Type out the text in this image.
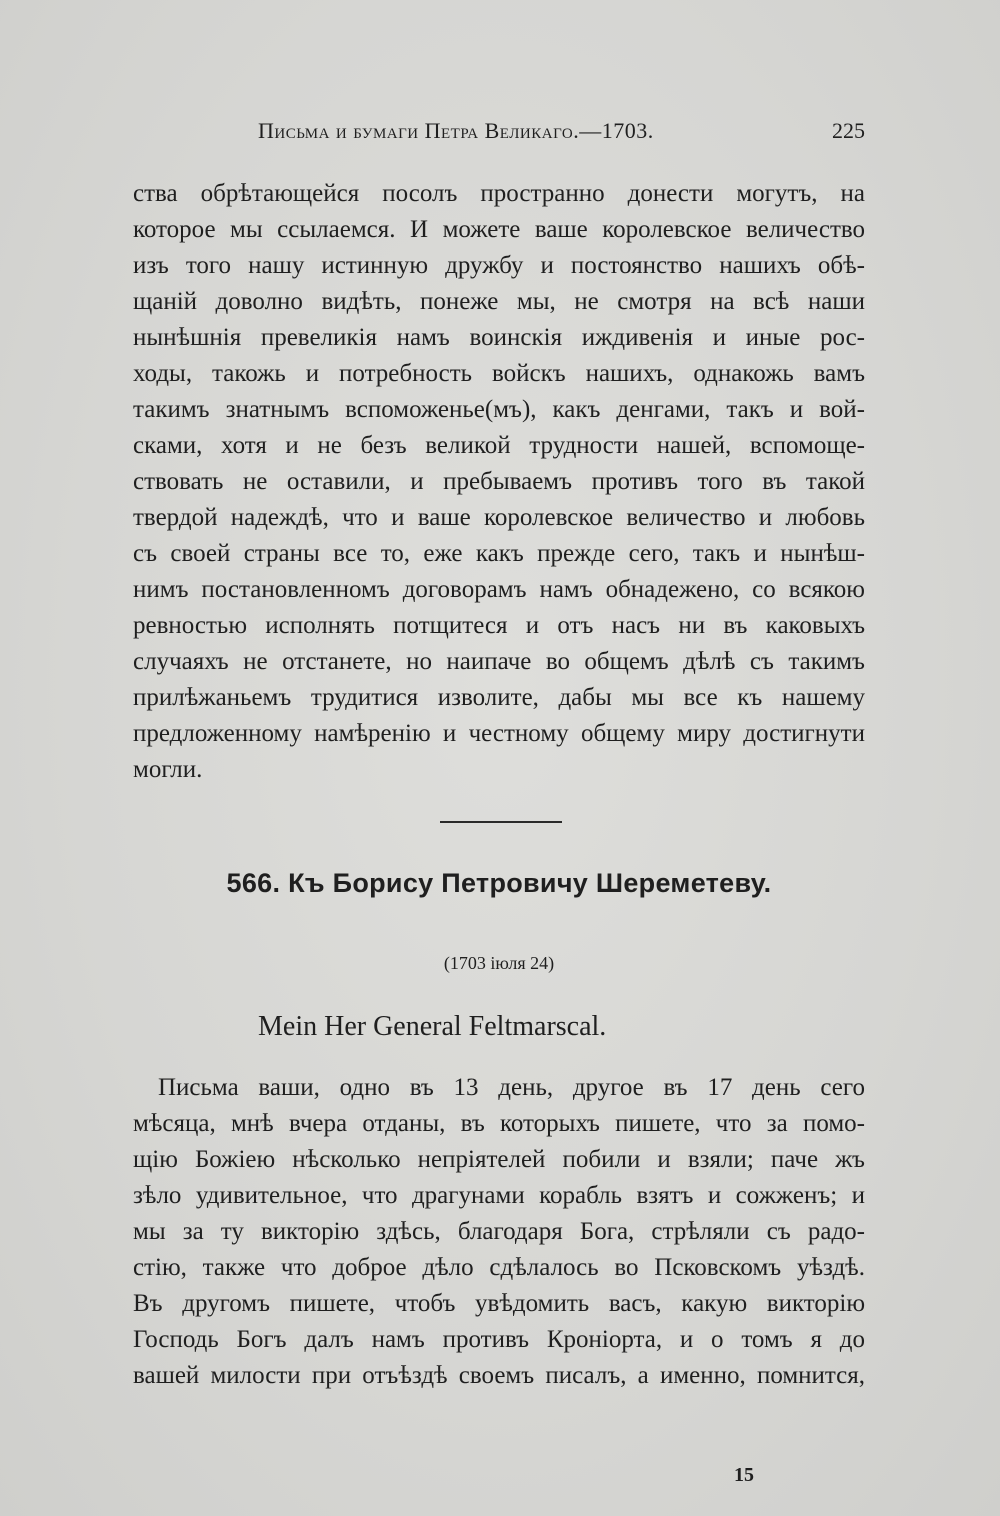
Письма и бумаги Петра Великаго.—1703.	225
ства обрѣтающейся посолъ пространно донести могутъ, на
которое мы ссылаемся. И можете ваше королевское величество
изъ того нашу истинную дружбу и постоянство нашихъ обѣ-
щаній доволно видѣть, понеже мы, не смотря на всѣ наши
нынѣшнія превеликія намъ воинскія иждивенія и иные рос-
ходы, такожь и потребность войскъ нашихъ, однакожь вамъ
такимъ знатнымъ вспоможенье(мъ), какъ денгами, такъ и вой-
сками, хотя и не безъ великой трудности нашей, вспомоще-
ствовать не оставили, и пребываемъ противъ того въ такой
твердой надеждѣ, что и ваше королевское величество и любовь
съ своей страны все то, еже какъ прежде сего, такъ и нынѣш-
нимъ постановленномъ договорамъ намъ обнадежено, со всякою
ревностью исполнять потщитеся и отъ насъ ни въ каковыхъ
случаяхъ не отстанете, но наипаче во общемъ дѣлѣ съ такимъ
прилѣжаньемъ трудитися изволите, дабы мы все къ нашему
предложенному намѣренію и честному общему миру достигнути
могли.
566. Къ Борису Петровичу Шереметеву.
(1703 іюля 24)
Mein Her General Feltmarscal.
Письма ваши, одно въ 13 день, другое въ 17 день сего
мѣсяца, мнѣ вчера отданы, въ которыхъ пишете, что за помо-
щію Божіею нѣсколько непріятелей побили и взяли; паче жъ
зѣло удивительное, что драгунами корабль взятъ и сожженъ; и
мы за ту викторію здѣсь, благодаря Бога, стрѣляли съ радо-
стію, также что доброе дѣло сдѣлалось во Псковскомъ уѣздѣ.
Въ другомъ пишете, чтобъ увѣдомить васъ, какую викторію
Господь Богъ далъ намъ противъ Кроніорта, и о томъ я до
вашей милости при отъѣздѣ своемъ писалъ, а именно, помнится,
15
